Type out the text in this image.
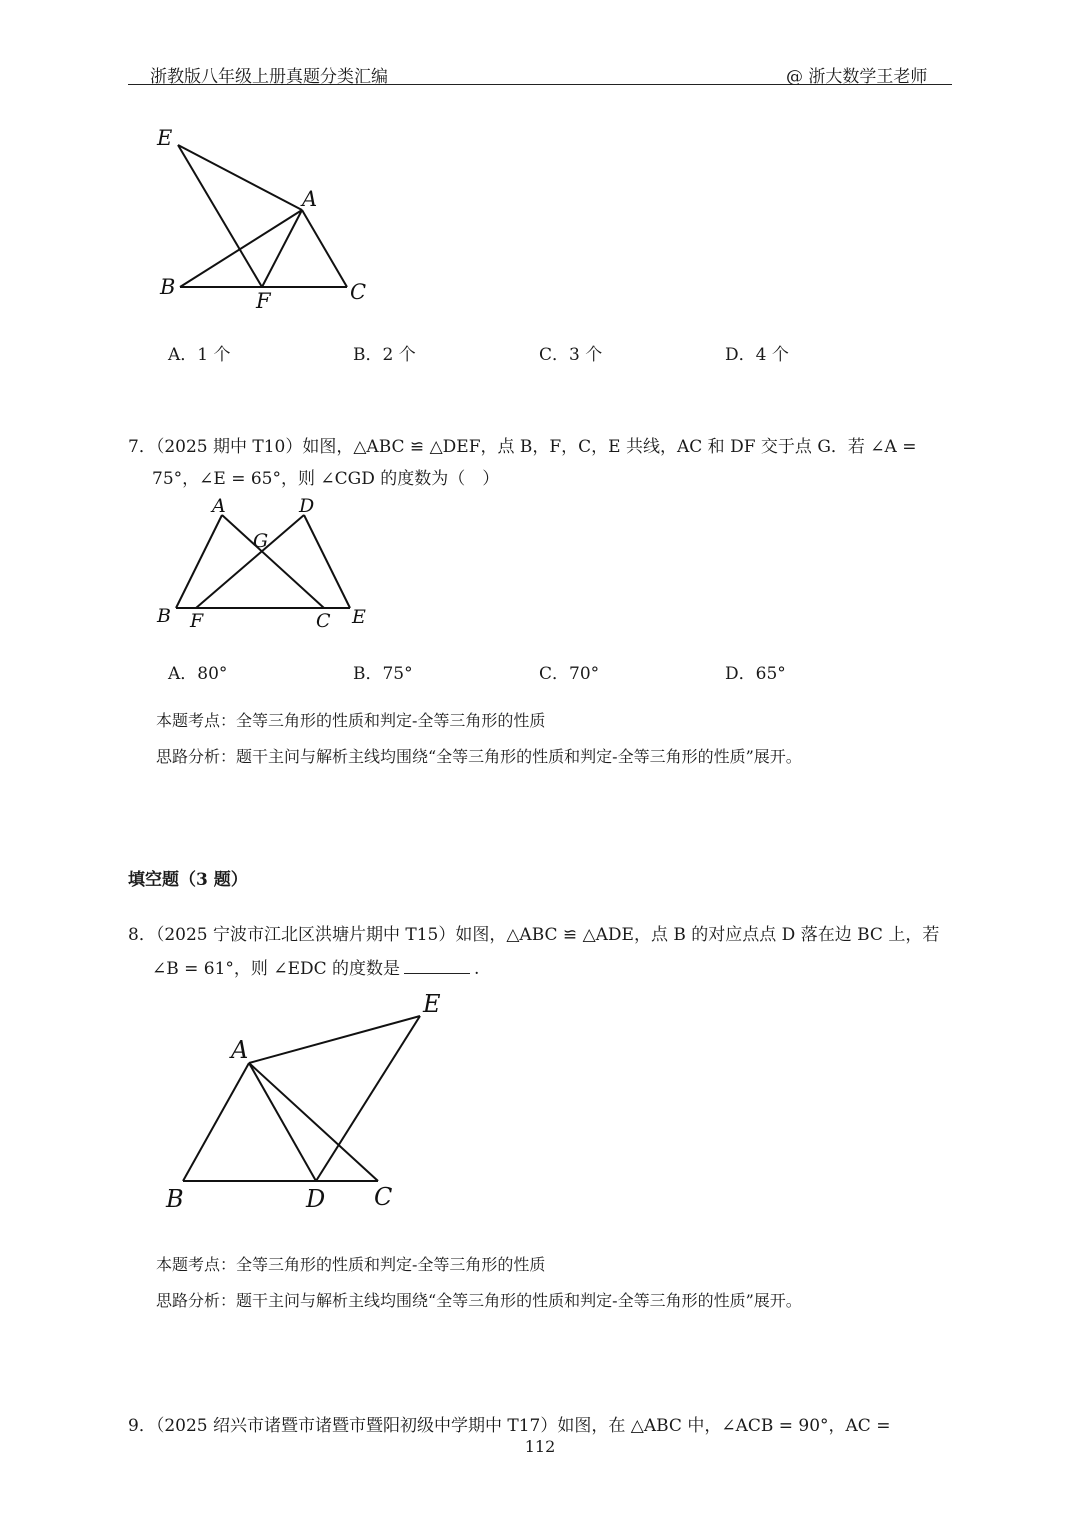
浙教版八年级上册真题分类汇编	@ 浙大数学王老师
E
A
B
F	C
A．1 个	B．2 个	C．3 个	D．4 个
7．（2025 期中 T10）如图，△ABC ≌ △DEF，点 B，F，C，E 共线，AC 和 DF 交于点 G．若 ∠A =
75°，∠E = 65°，则 ∠CGD 的度数为（　）
A	D
G
B F	C E
A．80°	B．75°	C．70°	D．65°
本题考点：全等三角形的性质和判定-全等三角形的性质
思路分析：题干主问与解析主线均围绕“全等三角形的性质和判定-全等三角形的性质”展开。
填空题（3 题）
8．（2025 宁波市江北区洪塘片期中 T15）如图，△ABC ≌ △ADE，点 B 的对应点点 D 落在边 BC 上，若
∠B = 61°，则 ∠EDC 的度数是	.
A
E
B	D C
本题考点：全等三角形的性质和判定-全等三角形的性质
思路分析：题干主问与解析主线均围绕“全等三角形的性质和判定-全等三角形的性质”展开。
9．（2025 绍兴市诸暨市诸暨市暨阳初级中学期中 T17）如图，在 △ABC 中，∠ACB = 90°，AC =
112
